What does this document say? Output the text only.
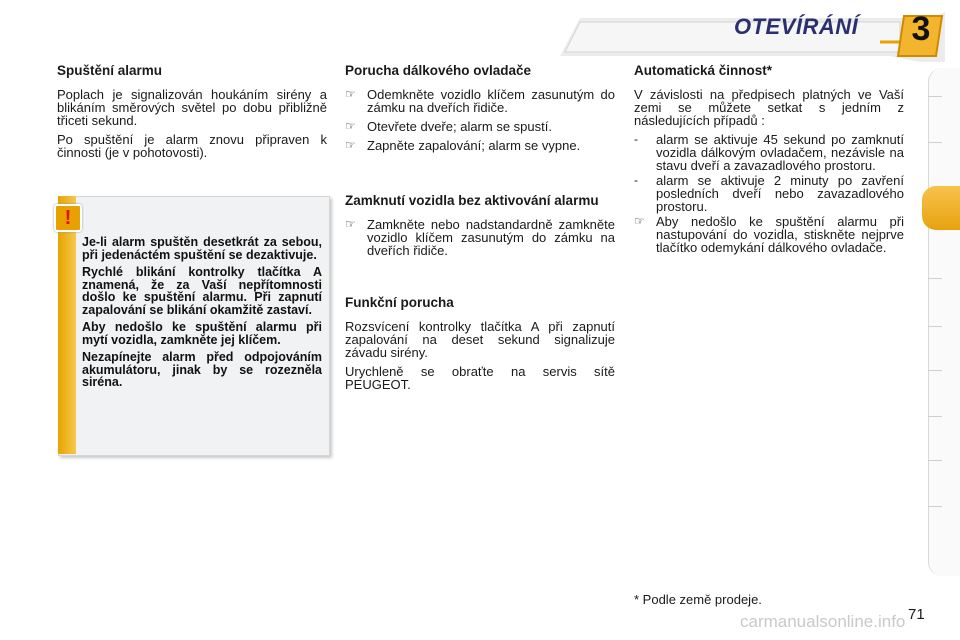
OTEVÍRÁNÍ 3
Spuštění alarmu

Poplach je signalizován houkáním sirény a blikáním směrových světel po dobu přibližně třiceti sekund.

Po spuštění je alarm znovu připraven k činnosti (je v pohotovosti).

!

Je-li alarm spuštěn desetkrát za sebou, při jedenáctém spuštění se dezaktivuje.

Rychlé blikání kontrolky tlačítka A znamená, že za Vaší nepřítomnosti došlo ke spuštění alarmu. Při zapnutí zapalování se blikání okamžitě zastaví.

Aby nedošlo ke spuštění alarmu při mytí vozidla, zamkněte jej klíčem.

Nezapínejte alarm před odpojováním akumulátoru, jinak by se rozezněla siréna.

Porucha dálkového ovladače
☞ Odemkněte vozidlo klíčem zasunutým do zámku na dveřích řidiče.
☞ Otevřete dveře; alarm se spustí.
☞ Zapněte zapalování; alarm se vypne.
Zamknutí vozidla bez aktivování alarmu
☞ Zamkněte nebo nadstandardně zamkněte vozidlo klíčem zasunutým do zámku na dveřích řidiče.
Funkční porucha

Rozsvícení kontrolky tlačítka A při zapnutí zapalování na deset sekund signalizuje závadu sirény.

Urychleně se obraťte na servis sítě PEUGEOT.

Automatická činnost*

V závislosti na předpisech platných ve Vaší zemi se můžete setkat s jedním z následujících případů :

-	alarm se aktivuje 45 sekund po zamknutí vozidla dálkovým ovladačem, nezávisle na stavu dveří a zavazadlového prostoru.
-	alarm se aktivuje 2 minuty po zavření posledních dveří nebo zavazadlového prostoru.
☞ Aby nedošlo ke spuštění alarmu při nastupování do vozidla, stiskněte nejprve tlačítko odemykání dálkového ovladače.
* Podle země prodeje.
carmanualsonline.info 71
